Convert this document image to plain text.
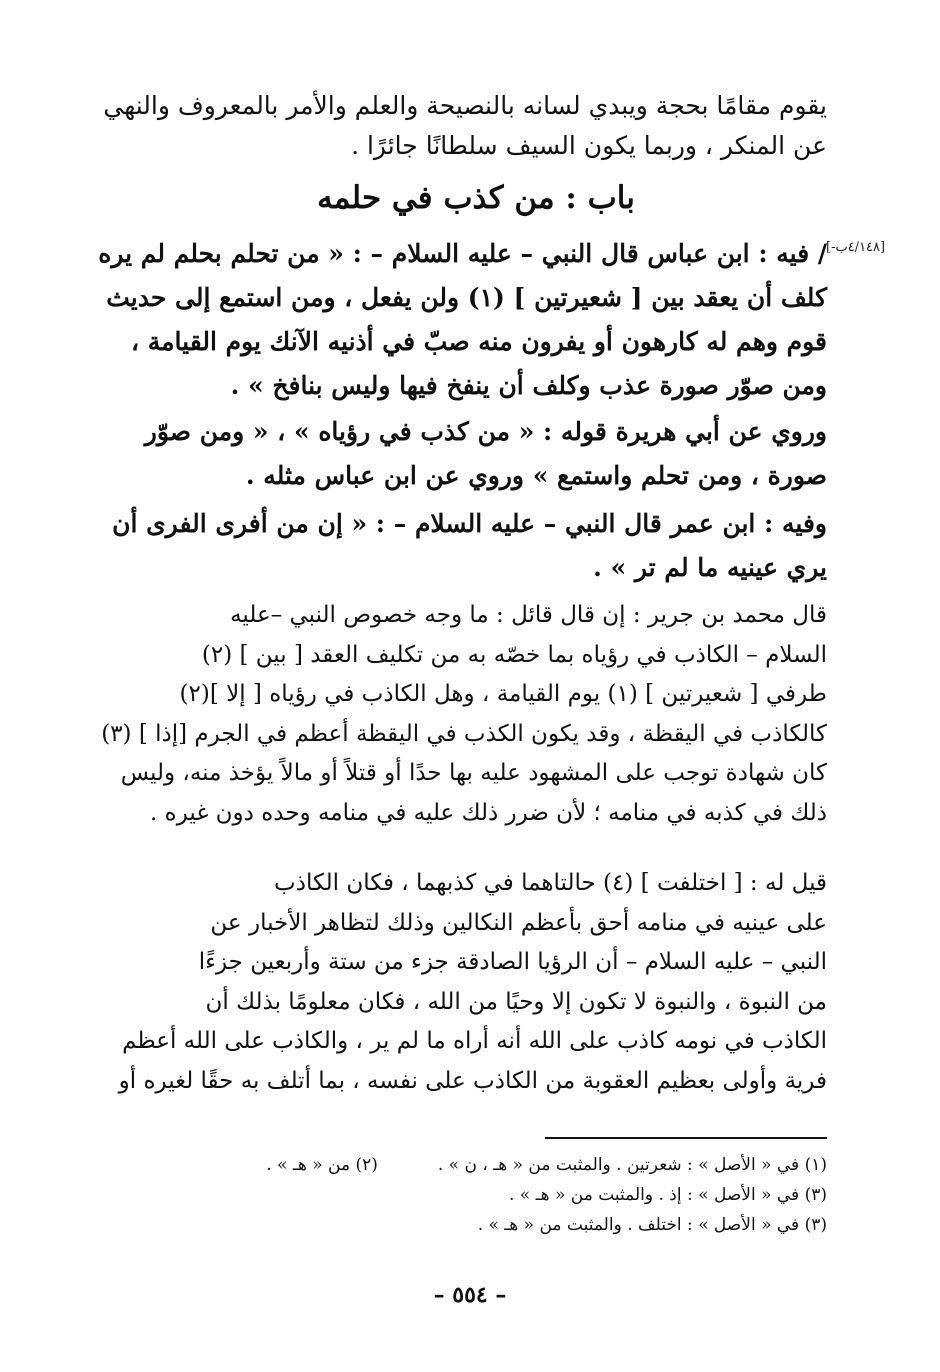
يقوم مقامًا بحجة ويبدي لسانه بالنصيحة والعلم والأمر بالمعروف والنهي
عن المنكر ، وربما يكون السيف سلطانًا جائرًا .
باب : من كذب في حلمه
[٤/١٤٨ب-]
/ فيه : ابن عباس قال النبي – عليه السلام – : « من تحلم بحلم لم يره
كلف أن يعقد بين [ شعيرتين ] (١) ولن يفعل ، ومن استمع إلى حديث
قوم وهم له كارهون أو يفرون منه صبّ في أذنيه الآنك يوم القيامة ،
ومن صوّر صورة عذب وكلف أن ينفخ فيها وليس بنافخ » .
وروي عن أبي هريرة قوله : « من كذب في رؤياه » ، « ومن صوّر
صورة ، ومن تحلم واستمع » وروي عن ابن عباس مثله .
وفيه : ابن عمر قال النبي – عليه السلام – : « إن من أفرى الفرى أن
يري عينيه ما لم تر » .
قال محمد بن جرير : إن قال قائل : ما وجه خصوص النبي –عليه
السلام – الكاذب في رؤياه بما خصّه به من تكليف العقد [ بين ] (٢)
طرفي [ شعيرتين ] (١) يوم القيامة ، وهل الكاذب في رؤياه [ إلا ](٢)
كالكاذب في اليقظة ، وقد يكون الكذب في اليقظة أعظم في الجرم [إذا ] (٣)
كان شهادة توجب على المشهود عليه بها حدًا أو قتلاً أو مالاً يؤخذ منه، وليس
ذلك في كذبه في منامه ؛ لأن ضرر ذلك عليه في منامه وحده دون غيره .
قيل له : [ اختلفت ] (٤) حالتاهما في كذبهما ، فكان الكاذب
على عينيه في منامه أحق بأعظم النكالين وذلك لتظاهر الأخبار عن
النبي – عليه السلام – أن الرؤيا الصادقة جزء من ستة وأربعين جزءًا
من النبوة ، والنبوة لا تكون إلا وحيًا من الله ، فكان معلومًا بذلك أن
الكاذب في نومه كاذب على الله أنه أراه ما لم ير ، والكاذب على الله أعظم
فرية وأولى بعظيم العقوبة من الكاذب على نفسه ، بما أتلف به حقًا لغيره أو
(١) في « الأصل » : شعرتين . والمثبت من « هـ ، ن » .
(٢) من « هـ » .
(٣) في « الأصل » : إذ . والمثبت من « هـ » .
(٣) في « الأصل » : اختلف . والمثبت من « هـ » .
– ٥٥٤ –
